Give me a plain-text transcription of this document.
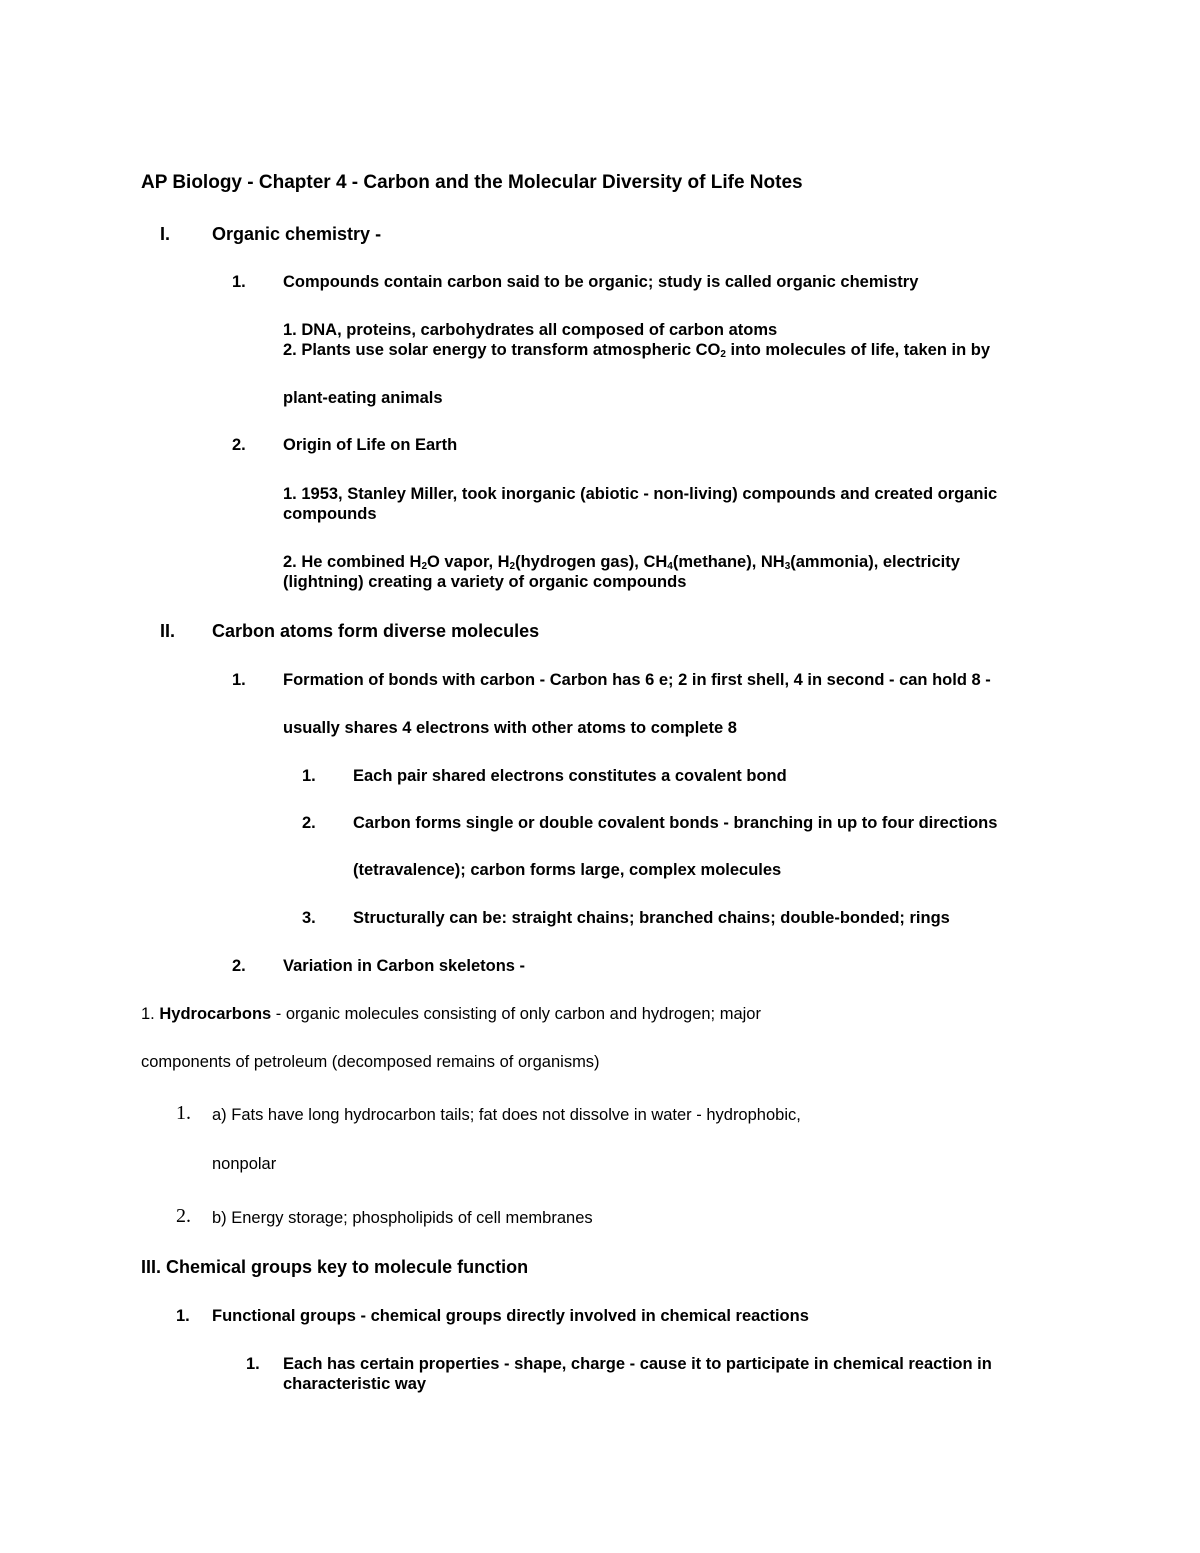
AP Biology - Chapter 4 - Carbon and the Molecular Diversity of Life Notes
I. Organic chemistry -
1. Compounds contain carbon said to be organic; study is called organic chemistry
1. DNA, proteins, carbohydrates all composed of carbon atoms
2. Plants use solar energy to transform atmospheric $CO_2$ into molecules of life, taken in by
plant-eating animals
2. Origin of Life on Earth
1. 1953, Stanley Miller, took inorganic (abiotic - non-living) compounds and created organic
compounds
2. He combined $H_2O$ vapor, $H_2(hydrogen$ gas), $CH_4(methane)$, $NH_3(ammonia)$, electricity
(lightning) creating a variety of organic compounds
II. Carbon atoms form diverse molecules
1. Formation of bonds with carbon - Carbon has 6 e; 2 in first shell, 4 in second - can hold 8 -
usually shares 4 electrons with other atoms to complete 8
1. Each pair shared electrons constitutes a covalent bond
2. Carbon forms single or double covalent bonds - branching in up to four directions
(tetravalence); carbon forms large, complex molecules
3. Structurally can be: straight chains; branched chains; double-bonded; rings
2. Variation in Carbon skeletons -
1. Hydrocarbons - organic molecules consisting of only carbon and hydrogen; major
components of petroleum (decomposed remains of organisms)
1. a) Fats have long hydrocarbon tails; fat does not dissolve in water - hydrophobic,
nonpolar
2. b) Energy storage; phospholipids of cell membranes
III. Chemical groups key to molecule function
1. Functional groups - chemical groups directly involved in chemical reactions
1. Each has certain properties - shape, charge - cause it to participate in chemical reaction in
characteristic way
